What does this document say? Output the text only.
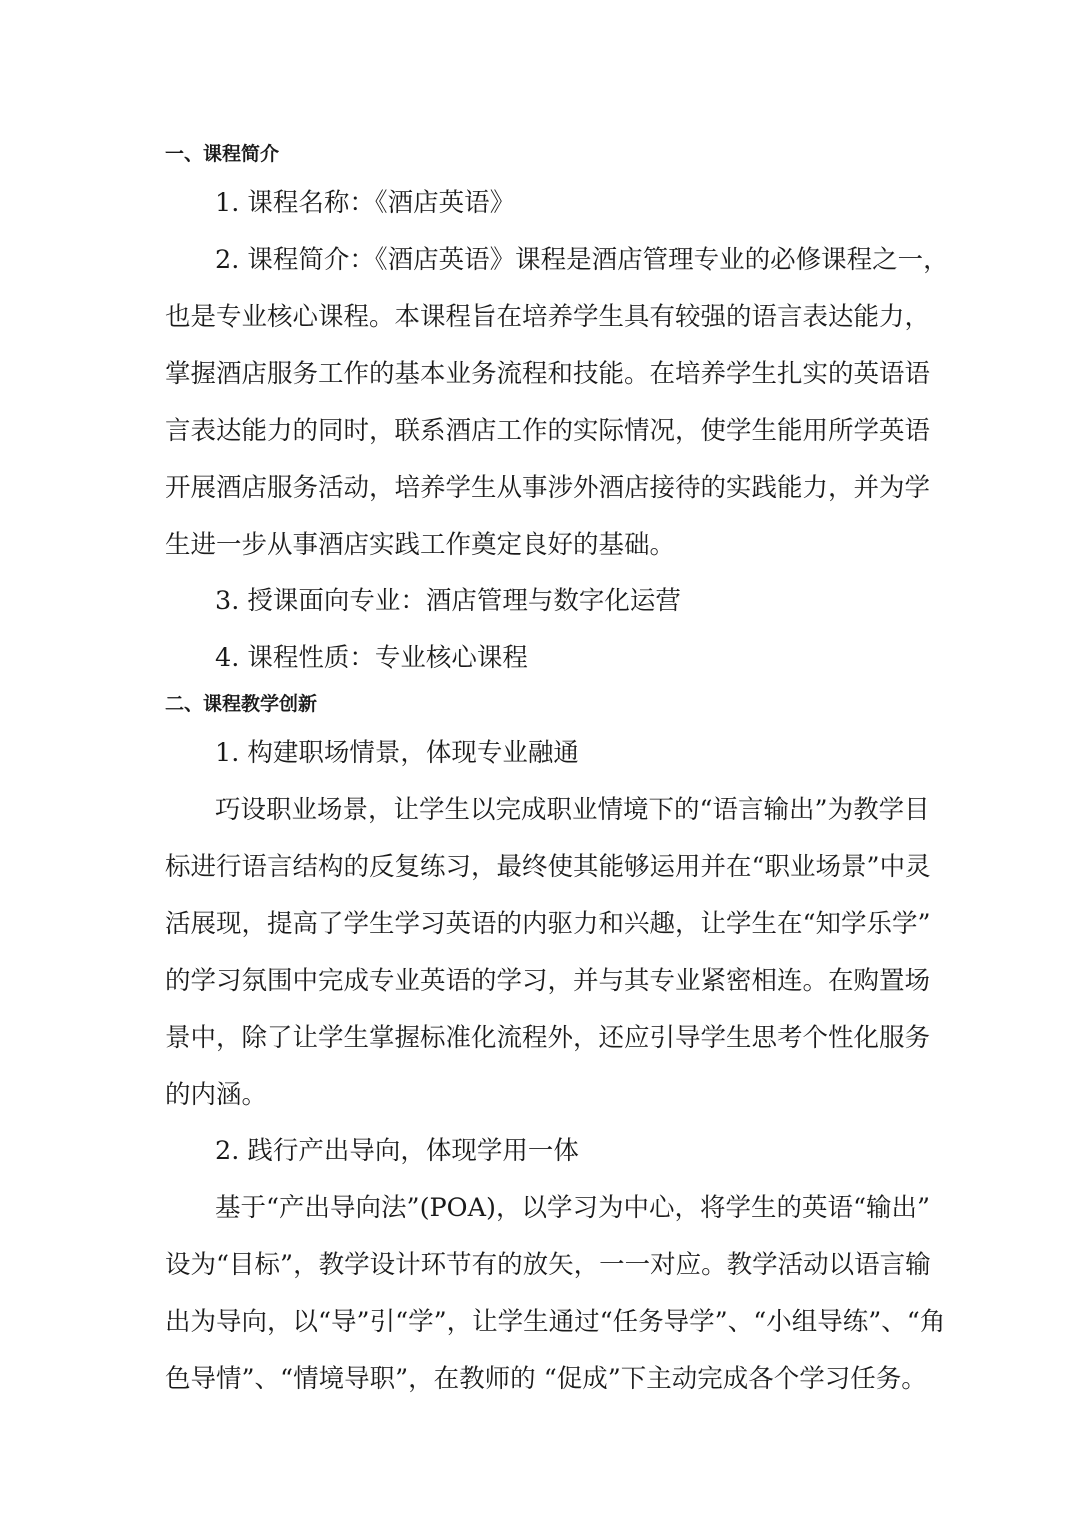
一、课程简介
1. 课程名称：《酒店英语》
2. 课程简介：《酒店英语》课程是酒店管理专业的必修课程之一，
也是专业核心课程。本课程旨在培养学生具有较强的语言表达能力，
掌握酒店服务工作的基本业务流程和技能。在培养学生扎实的英语语
言表达能力的同时，联系酒店工作的实际情况，使学生能用所学英语
开展酒店服务活动，培养学生从事涉外酒店接待的实践能力，并为学
生进一步从事酒店实践工作奠定良好的基础。
3. 授课面向专业：酒店管理与数字化运营
4. 课程性质：专业核心课程
二、课程教学创新
1. 构建职场情景，体现专业融通
巧设职业场景，让学生以完成职业情境下的“语言输出”为教学目
标进行语言结构的反复练习，最终使其能够运用并在“职业场景”中灵
活展现，提高了学生学习英语的内驱力和兴趣，让学生在“知学乐学”
的学习氛围中完成专业英语的学习，并与其专业紧密相连。在购置场
景中，除了让学生掌握标准化流程外，还应引导学生思考个性化服务
的内涵。
2. 践行产出导向，体现学用一体
基于“产出导向法”(POA)，以学习为中心，将学生的英语“输出”
设为“目标”，教学设计环节有的放矢，一一对应。教学活动以语言输
出为导向，以“导”引“学”，让学生通过“任务导学”、“小组导练”、“角
色导情”、“情境导职”，在教师的 “促成”下主动完成各个学习任务。
